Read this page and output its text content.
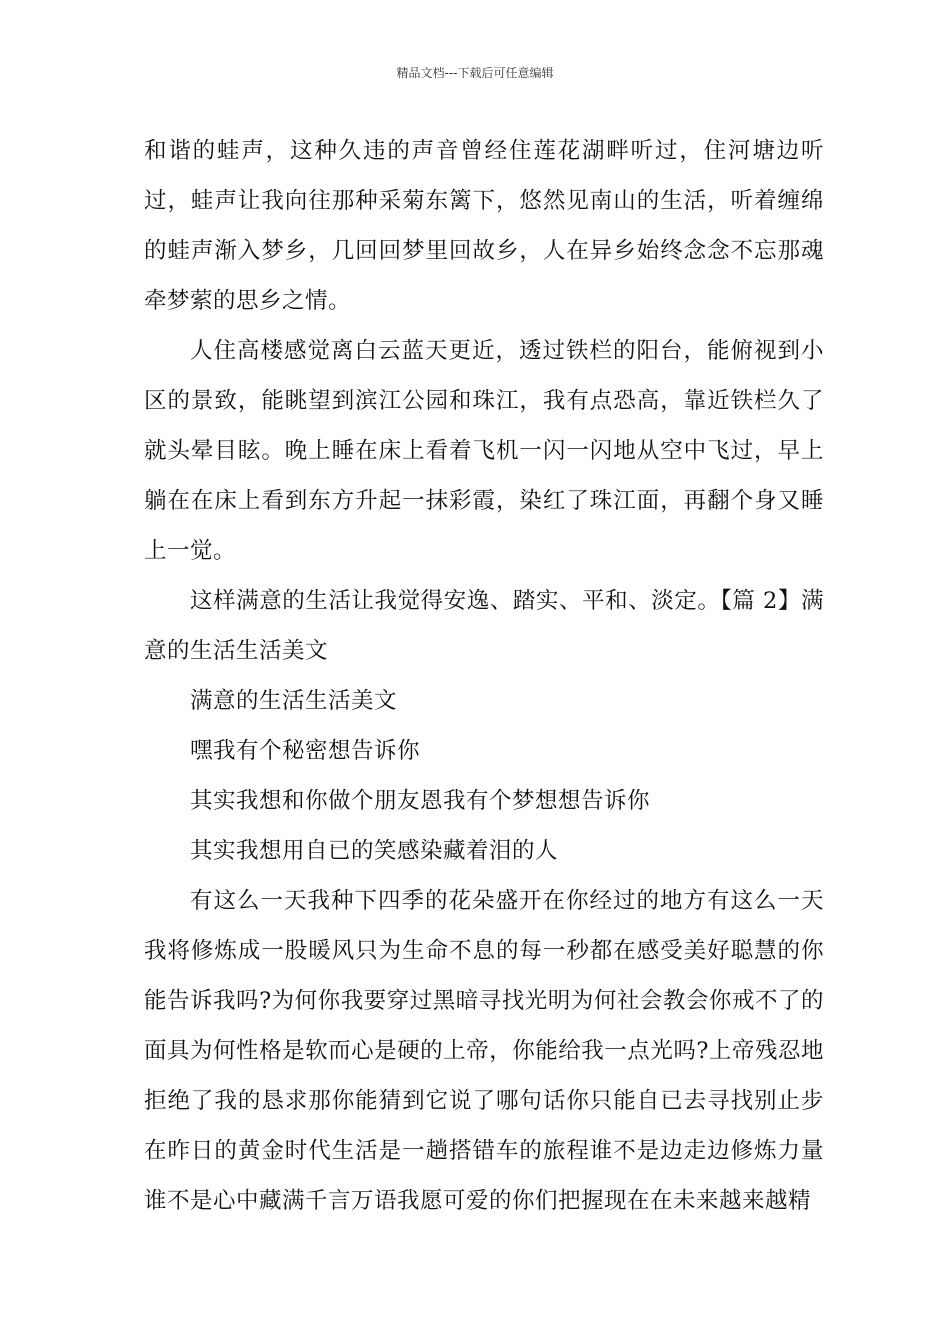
精品文档---下载后可任意编辑

和谐的蛙声，这种久违的声音曾经住莲花湖畔听过，住河塘边听过，蛙声让我向往那种采菊东篱下，悠然见南山的生活，听着缠绵的蛙声渐入梦乡，几回回梦里回故乡，人在异乡始终念念不忘那魂牵梦萦的思乡之情。

人住高楼感觉离白云蓝天更近，透过铁栏的阳台，能俯视到小区的景致，能眺望到滨江公园和珠江，我有点恐高，靠近铁栏久了就头晕目眩。晚上睡在床上看着飞机一闪一闪地从空中飞过，早上躺在在床上看到东方升起一抹彩霞，染红了珠江面，再翻个身又睡上一觉。

这样满意的生活让我觉得安逸、踏实、平和、淡定。【篇 2】满意的生活生活美文

满意的生活生活美文

嘿我有个秘密想告诉你

其实我想和你做个朋友恩我有个梦想想告诉你

其实我想用自已的笑感染藏着泪的人

有这么一天我种下四季的花朵盛开在你经过的地方有这么一天我将修炼成一股暖风只为生命不息的每一秒都在感受美好聪慧的你能告诉我吗?为何你我要穿过黑暗寻找光明为何社会教会你戒不了的面具为何性格是软而心是硬的上帝，你能给我一点光吗?上帝残忍地拒绝了我的恳求那你能猜到它说了哪句话你只能自已去寻找别止步在昨日的黄金时代生活是一趟搭错车的旅程谁不是边走边修炼力量谁不是心中藏满千言万语我愿可爱的你们把握现在在未来越来越精
